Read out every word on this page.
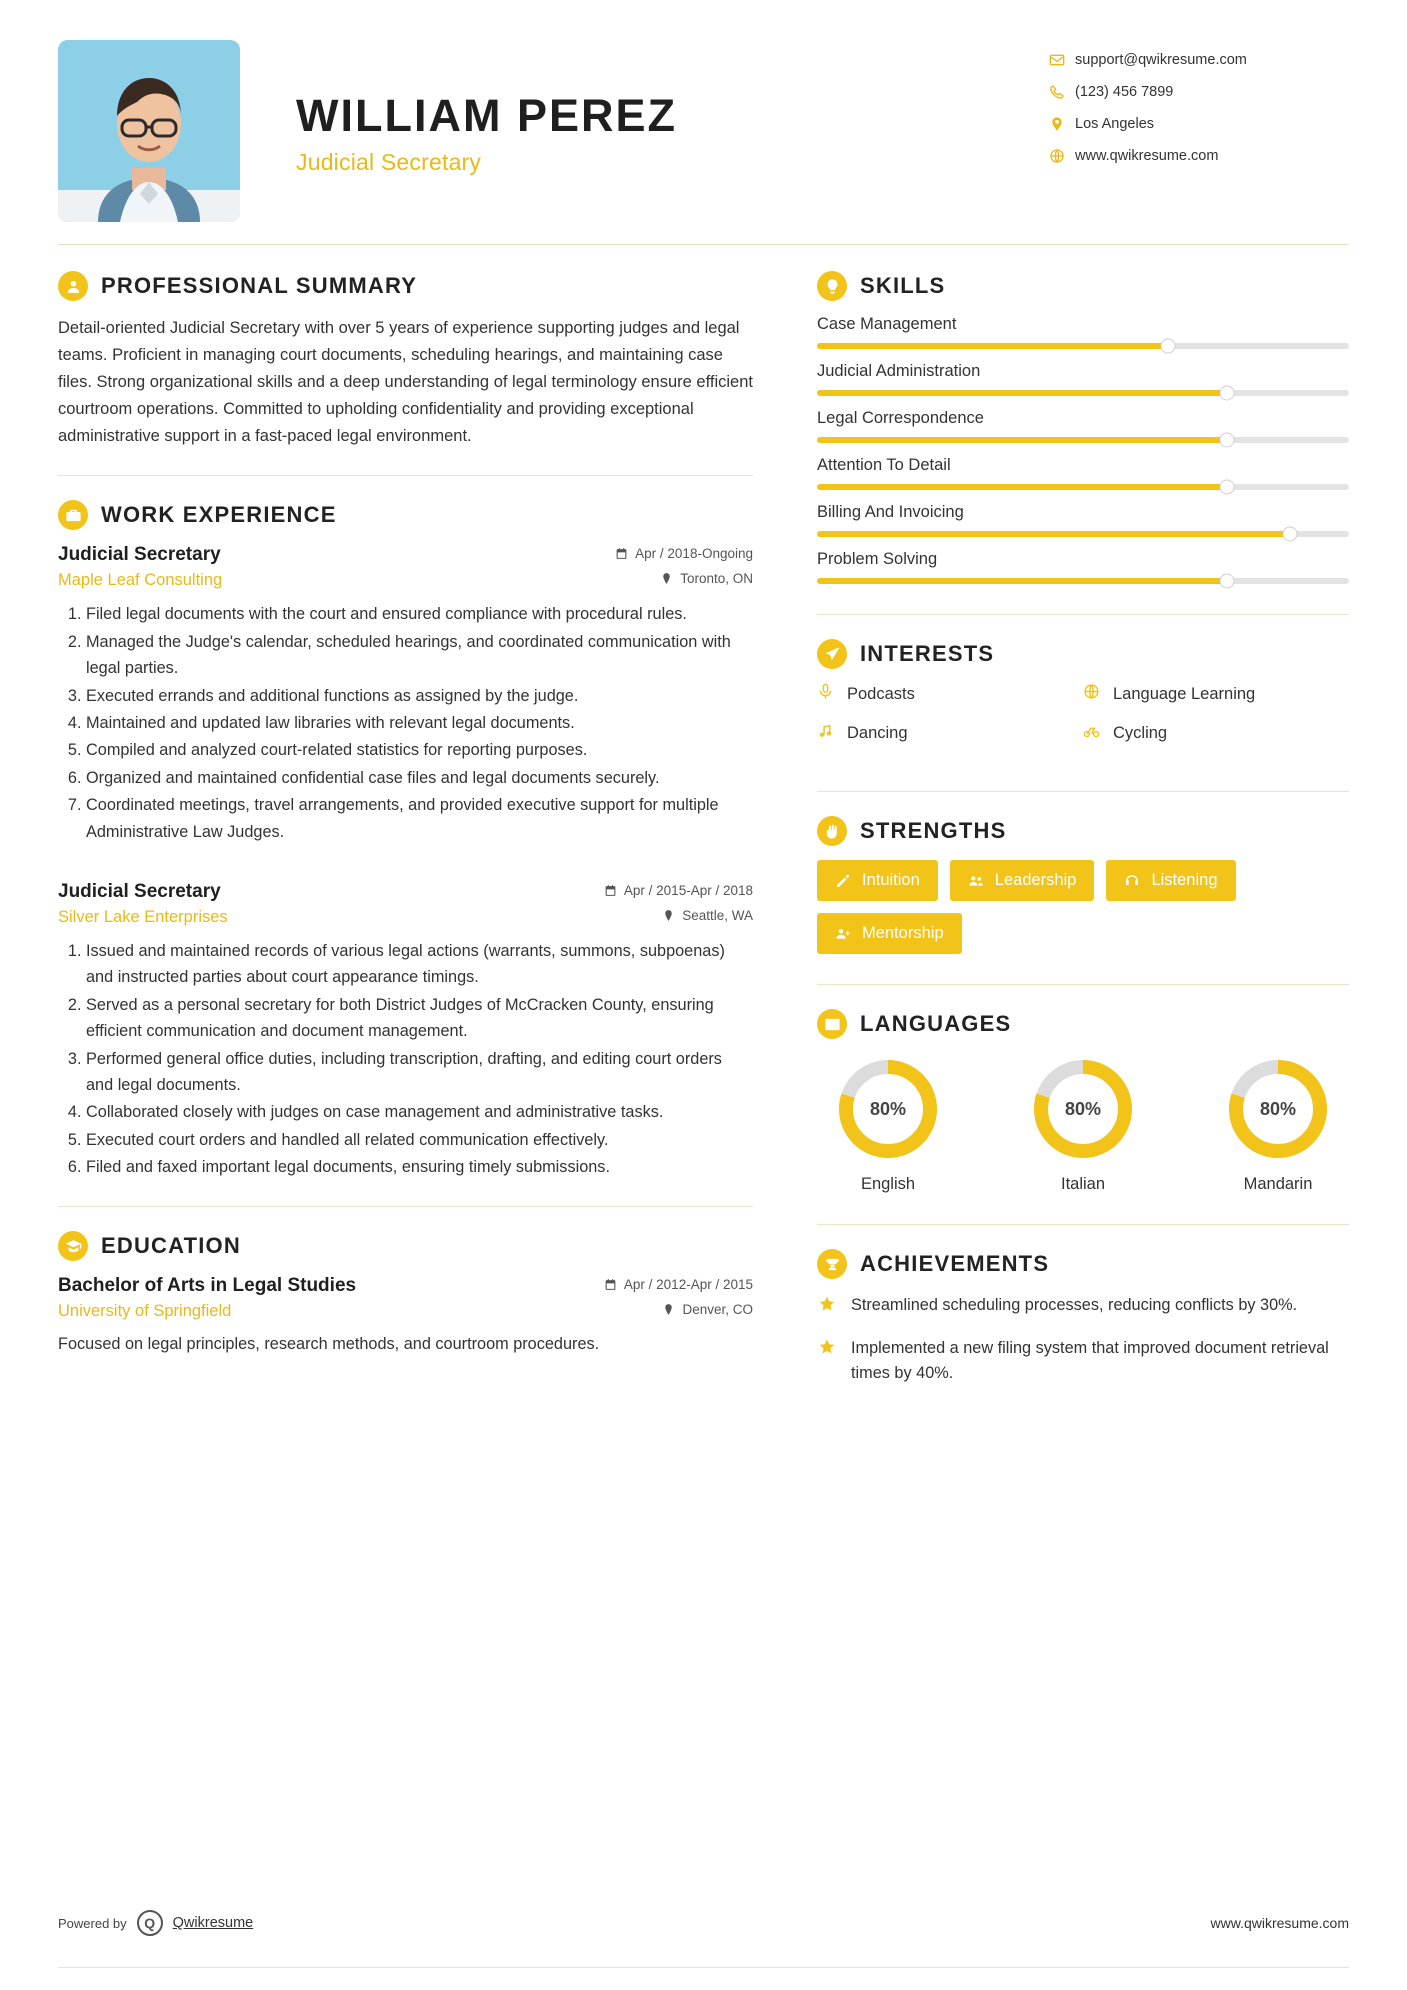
WILLIAM PEREZ
Judicial Secretary
support@qwikresume.com
(123) 456 7899
Los Angeles
www.qwikresume.com
PROFESSIONAL SUMMARY
Detail-oriented Judicial Secretary with over 5 years of experience supporting judges and legal teams. Proficient in managing court documents, scheduling hearings, and maintaining case files. Strong organizational skills and a deep understanding of legal terminology ensure efficient courtroom operations. Committed to upholding confidentiality and providing exceptional administrative support in a fast-paced legal environment.
WORK EXPERIENCE
Judicial Secretary	Apr / 2018-Ongoing
Maple Leaf Consulting	Toronto, ON
1. Filed legal documents with the court and ensured compliance with procedural rules.
2. Managed the Judge's calendar, scheduled hearings, and coordinated communication with legal parties.
3. Executed errands and additional functions as assigned by the judge.
4. Maintained and updated law libraries with relevant legal documents.
5. Compiled and analyzed court-related statistics for reporting purposes.
6. Organized and maintained confidential case files and legal documents securely.
7. Coordinated meetings, travel arrangements, and provided executive support for multiple Administrative Law Judges.
Judicial Secretary	Apr / 2015-Apr / 2018
Silver Lake Enterprises	Seattle, WA
1. Issued and maintained records of various legal actions (warrants, summons, subpoenas) and instructed parties about court appearance timings.
2. Served as a personal secretary for both District Judges of McCracken County, ensuring efficient communication and document management.
3. Performed general office duties, including transcription, drafting, and editing court orders and legal documents.
4. Collaborated closely with judges on case management and administrative tasks.
5. Executed court orders and handled all related communication effectively.
6. Filed and faxed important legal documents, ensuring timely submissions.
EDUCATION
Bachelor of Arts in Legal Studies	Apr / 2012-Apr / 2015
University of Springfield	Denver, CO
Focused on legal principles, research methods, and courtroom procedures.
SKILLS
Case Management
Judicial Administration
Legal Correspondence
Attention To Detail
Billing And Invoicing
Problem Solving
INTERESTS
Podcasts	Language Learning
Dancing	Cycling
STRENGTHS
Intuition	Leadership	Listening
Mentorship
LANGUAGES
80%
English
80%
Italian
80%
Mandarin
ACHIEVEMENTS
Streamlined scheduling processes, reducing conflicts by 30%.
Implemented a new filing system that improved document retrieval times by 40%.
Powered by	Q	Qwikresume	www.qwikresume.com
